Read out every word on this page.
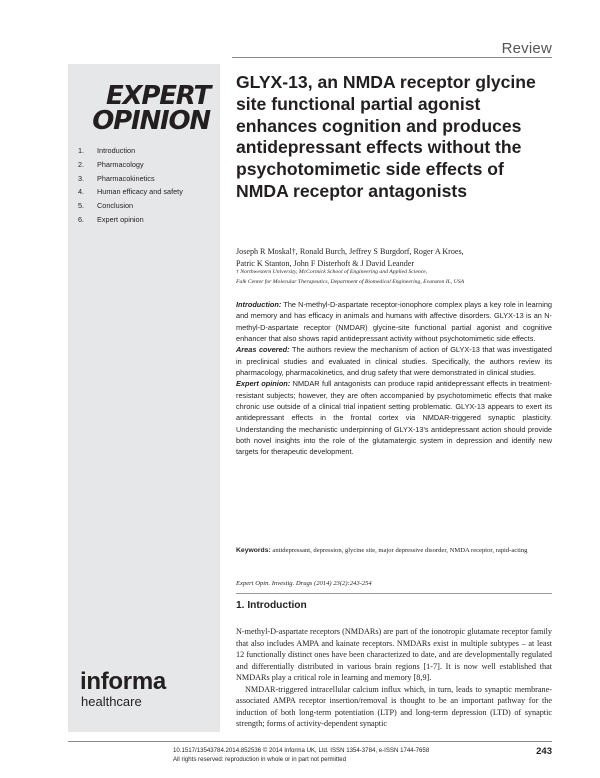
Review
EXPERT
OPINION
1. Introduction
2. Pharmacology
3. Pharmacokinetics
4. Human efficacy and safety
5. Conclusion
6. Expert opinion
informa
healthcare
GLYX-13, an NMDA receptor glycine site functional partial agonist enhances cognition and produces antidepressant effects without the psychotomimetic side effects of NMDA receptor antagonists
Joseph R Moskal†, Ronald Burch, Jeffrey S Burgdorf, Roger A Kroes,
Patric K Stanton, John F Disterhoft & J David Leander
† Northwestern University, McCormick School of Engineering and Applied Science,
Falk Center for Molecular Therapeutics, Department of Biomedical Engineering, Evanston IL, USA

Introduction: The N-methyl-D-aspartate receptor-ionophore complex plays a key role in learning and memory and has efficacy in animals and humans with affective disorders. GLYX-13 is an N-methyl-D-aspartate receptor (NMDAR) glycine-site functional partial agonist and cognitive enhancer that also shows rapid antidepressant activity without psychotomimetic side effects.

Areas covered: The authors review the mechanism of action of GLYX-13 that was investigated in preclinical studies and evaluated in clinical studies. Specifically, the authors review its pharmacology, pharmacokinetics, and drug safety that were demonstrated in clinical studies.

Expert opinion: NMDAR full antagonists can produce rapid antidepressant effects in treatment-resistant subjects; however, they are often accompanied by psychotomimetic effects that make chronic use outside of a clinical trial inpatient setting problematic. GLYX-13 appears to exert its antidepressant effects in the frontal cortex via NMDAR-triggered synaptic plasticity. Understanding the mechanistic underpinning of GLYX-13's antidepressant action should provide both novel insights into the role of the glutamatergic system in depression and identify new targets for therapeutic development.

Keywords: antidepressant, depression, glycine site, major depressive disorder, NMDA receptor, rapid-acting
Expert Opin. Investig. Drugs (2014) 23(2):243-254
1. Introduction

N-methyl-D-aspartate receptors (NMDARs) are part of the ionotropic glutamate receptor family that also includes AMPA and kainate receptors. NMDARs exist in multiple subtypes – at least 12 functionally distinct ones have been characterized to date, and are developmentally regulated and differentially distributed in various brain regions [1-7]. It is now well established that NMDARs play a critical role in learning and memory [8,9].

NMDAR-triggered intracellular calcium influx which, in turn, leads to synaptic membrane-associated AMPA receptor insertion/removal is thought to be an important pathway for the induction of both long-term potentiation (LTP) and long-term depression (LTD) of synaptic strength; forms of activity-dependent synaptic

10.1517/13543784.2014.852536 © 2014 Informa UK, Ltd. ISSN 1354-3784, e-ISSN 1744-7658
All rights reserved: reproduction in whole or in part not permitted
243
